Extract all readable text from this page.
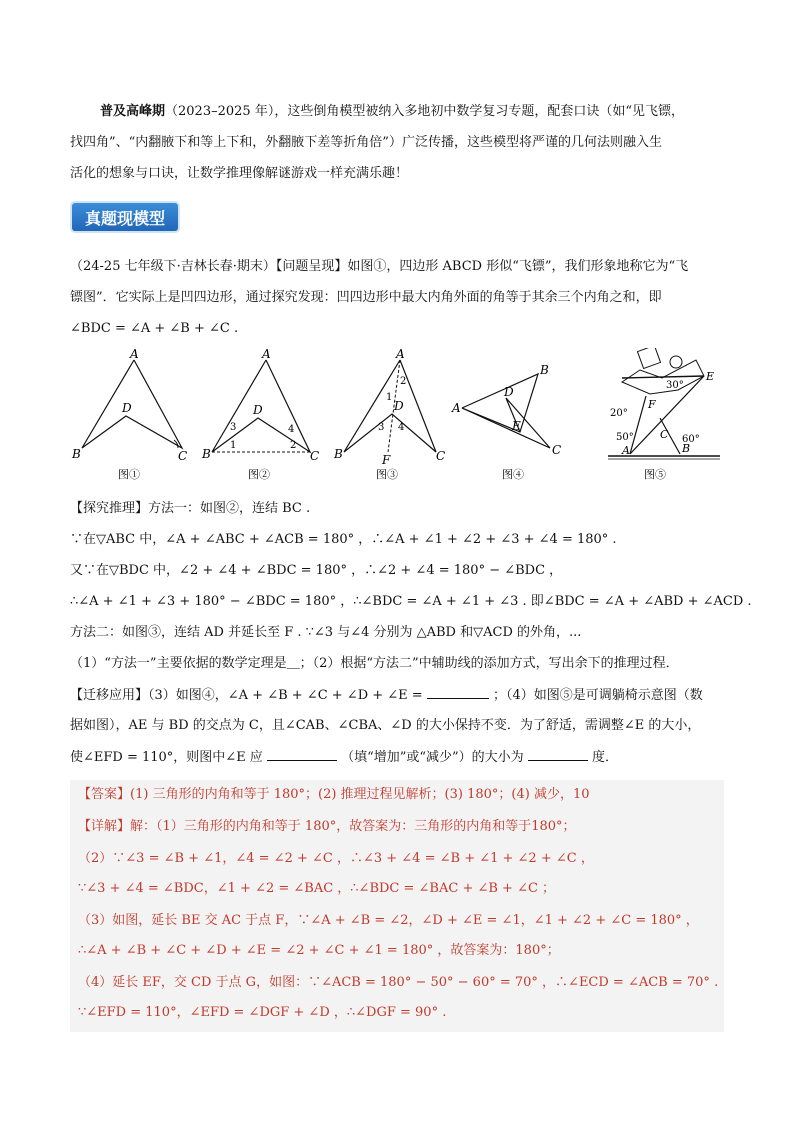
普及高峰期（2023–2025 年），这些倒角模型被纳入多地初中数学复习专题，配套口诀（如“见飞镖，
找四角”、“内翻腋下和等上下和，外翻腋下差等折角倍”）广泛传播，这些模型将严谨的几何法则融入生
活化的想象与口诀，让数学推理像解谜游戏一样充满乐趣！
真题现模型
（24-25 七年级下·吉林长春·期末）【问题呈现】如图①，四边形 ABCD 形似“飞镖”，我们形象地称它为“飞
镖图”．它实际上是凹四边形，通过探究发现：凹四边形中最大内角外面的角等于其余三个内角之和，即
∠BDC = ∠A + ∠B + ∠C .
A
D
B	C
图①
A
D
B	C
1	2
3	4
图②
A
D
B	C
F
1
2
3 4
图③
A
B
C
D
E
图④
E
F
C
A	B
30°
20°
50°	60°
图⑤
【探究推理】方法一：如图②，连结 BC .
∵在▽ABC 中，∠A + ∠ABC + ∠ACB = 180° ，∴∠A + ∠1 + ∠2 + ∠3 + ∠4 = 180° .
又∵在▽BDC 中，∠2 + ∠4 + ∠BDC = 180° ，∴∠2 + ∠4 = 180° − ∠BDC ，
∴∠A + ∠1 + ∠3 + 180° − ∠BDC = 180° ，∴∠BDC = ∠A + ∠1 + ∠3 . 即∠BDC = ∠A + ∠ABD + ∠ACD .
方法二：如图③，连结 AD 并延长至 F . ∵∠3 与∠4 分别为 △ABD 和▽ACD 的外角，...
（1）“方法一”主要依据的数学定理是＿；（2）根据“方法二”中辅助线的添加方式，写出余下的推理过程．
【迁移应用】（3）如图④，∠A + ∠B + ∠C + ∠D + ∠E =	；（4）如图⑤是可调躺椅示意图（数
据如图），AE 与 BD 的交点为 C，且∠CAB、∠CBA、∠D 的大小保持不变．为了舒适，需调整∠E 的大小，
使∠EFD = 110°，则图中∠E 应	（填“增加”或“减少”）的大小为	度．
【答案】(1) 三角形的内角和等于 180°；(2) 推理过程见解析；(3) 180°；(4) 减少，10
【详解】解：（1）三角形的内角和等于 180°，故答案为：三角形的内角和等于180°；
（2）∵∠3 = ∠B + ∠1，∠4 = ∠2 + ∠C ，∴∠3 + ∠4 = ∠B + ∠1 + ∠2 + ∠C ，
∵∠3 + ∠4 = ∠BDC，∠1 + ∠2 = ∠BAC ，∴∠BDC = ∠BAC + ∠B + ∠C ；
（3）如图，延长 BE 交 AC 于点 F，∵∠A + ∠B = ∠2，∠D + ∠E = ∠1，∠1 + ∠2 + ∠C = 180° ，
∴∠A + ∠B + ∠C + ∠D + ∠E = ∠2 + ∠C + ∠1 = 180° ，故答案为：180°；
（4）延长 EF，交 CD 于点 G，如图：∵∠ACB = 180° − 50° − 60° = 70° ，∴∠ECD = ∠ACB = 70° .
∵∠EFD = 110°，∠EFD = ∠DGF + ∠D ，∴∠DGF = 90° .
